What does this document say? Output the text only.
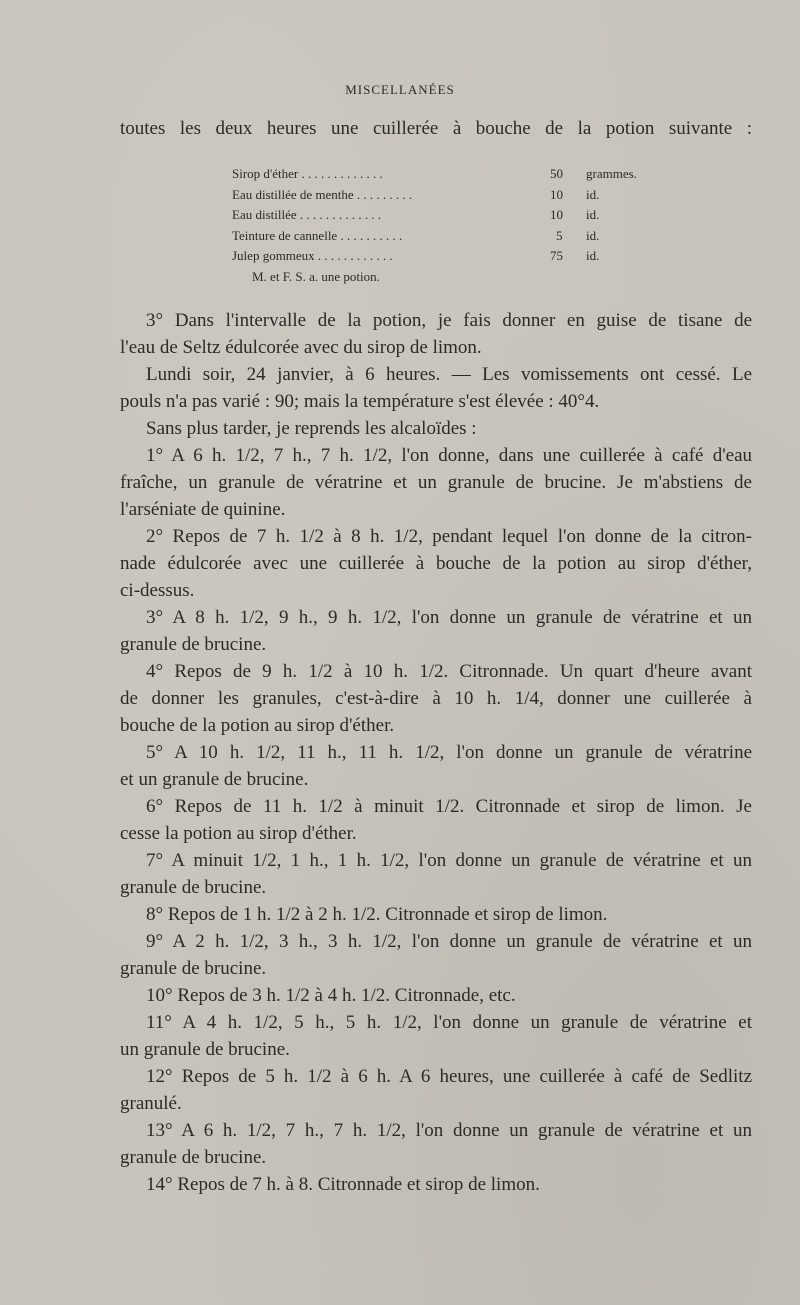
MISCELLANÉES
toutes les deux heures une cuillerée à bouche de la potion suivante :
Sirop d'éther . . . . . . . . . . . . .	50 grammes.
Eau distillée de menthe . . . . . . . . .	10 id.
Eau distillée . . . . . . . . . . . . .	10 id.
Teinture de cannelle . . . . . . . . . .	5 id.
Julep gommeux . . . . . . . . . . . .	75 id.
M. et F. S. a. une potion.
3° Dans l'intervalle de la potion, je fais donner en guise de tisane de
l'eau de Seltz édulcorée avec du sirop de limon.
Lundi soir, 24 janvier, à 6 heures. — Les vomissements ont cessé. Le
pouls n'a pas varié : 90; mais la température s'est élevée : 40°4.
Sans plus tarder, je reprends les alcaloïdes :
1° A 6 h. 1/2, 7 h., 7 h. 1/2, l'on donne, dans une cuillerée à café d'eau
fraîche, un granule de vératrine et un granule de brucine. Je m'abstiens de
l'arséniate de quinine.
2° Repos de 7 h. 1/2 à 8 h. 1/2, pendant lequel l'on donne de la citron-
nade édulcorée avec une cuillerée à bouche de la potion au sirop d'éther,
ci-dessus.
3° A 8 h. 1/2, 9 h., 9 h. 1/2, l'on donne un granule de vératrine et un
granule de brucine.
4° Repos de 9 h. 1/2 à 10 h. 1/2. Citronnade. Un quart d'heure avant
de donner les granules, c'est-à-dire à 10 h. 1/4, donner une cuillerée à
bouche de la potion au sirop d'éther.
5° A 10 h. 1/2, 11 h., 11 h. 1/2, l'on donne un granule de vératrine
et un granule de brucine.
6° Repos de 11 h. 1/2 à minuit 1/2. Citronnade et sirop de limon. Je
cesse la potion au sirop d'éther.
7° A minuit 1/2, 1 h., 1 h. 1/2, l'on donne un granule de vératrine et un
granule de brucine.
8° Repos de 1 h. 1/2 à 2 h. 1/2. Citronnade et sirop de limon.
9° A 2 h. 1/2, 3 h., 3 h. 1/2, l'on donne un granule de vératrine et un
granule de brucine.
10° Repos de 3 h. 1/2 à 4 h. 1/2. Citronnade, etc.
11° A 4 h. 1/2, 5 h., 5 h. 1/2, l'on donne un granule de vératrine et
un granule de brucine.
12° Repos de 5 h. 1/2 à 6 h. A 6 heures, une cuillerée à café de Sedlitz
granulé.
13° A 6 h. 1/2, 7 h., 7 h. 1/2, l'on donne un granule de vératrine et un
granule de brucine.
14° Repos de 7 h. à 8. Citronnade et sirop de limon.
